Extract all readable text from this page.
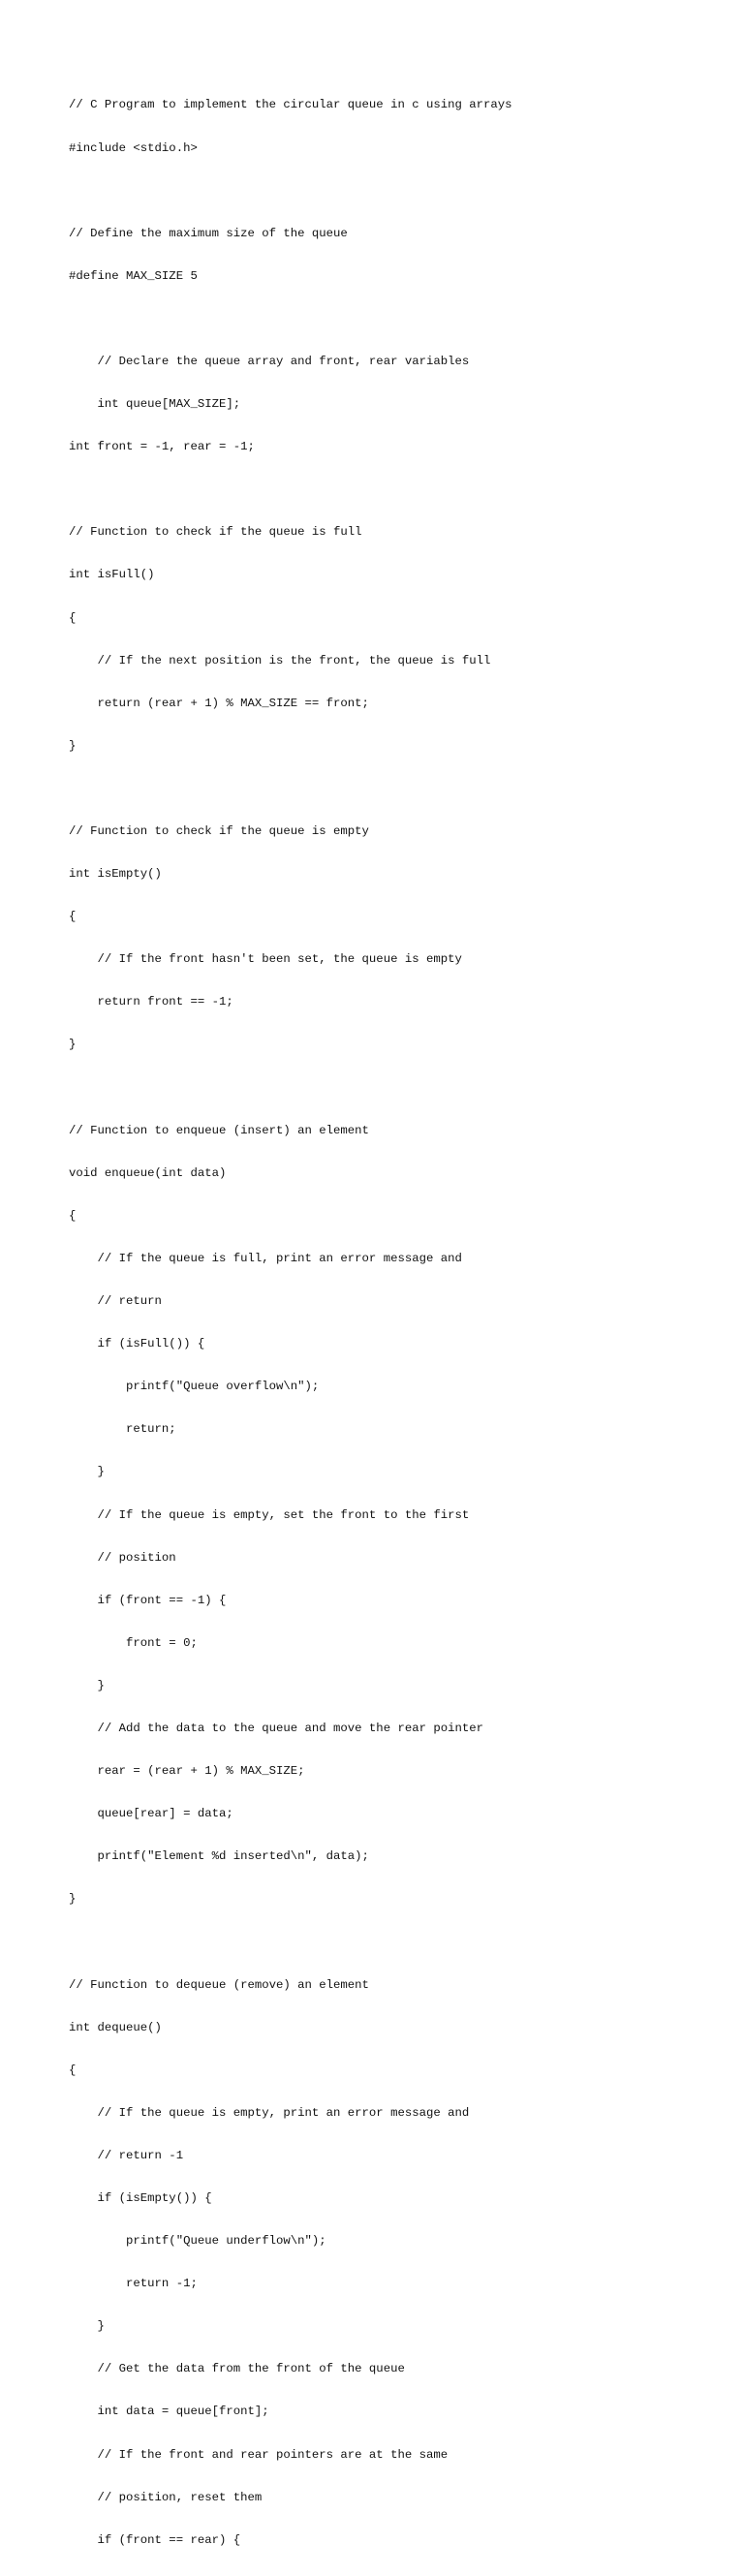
// C Program to implement the circular queue in c using arrays

#include <stdio.h>

// Define the maximum size of the queue

#define MAX_SIZE 5

// Declare the queue array and front, rear variables

int queue[MAX_SIZE];

int front = -1, rear = -1;

// Function to check if the queue is full

int isFull()

{

// If the next position is the front, the queue is full

return (rear + 1) % MAX_SIZE == front;

}

// Function to check if the queue is empty

int isEmpty()

{

// If the front hasn't been set, the queue is empty

return front == -1;

}

// Function to enqueue (insert) an element

void enqueue(int data)

{

// If the queue is full, print an error message and

// return

if (isFull()) {

printf("Queue overflow\n");

return;

}

// If the queue is empty, set the front to the first

// position

if (front == -1) {

front = 0;

}

// Add the data to the queue and move the rear pointer

rear = (rear + 1) % MAX_SIZE;

queue[rear] = data;

printf("Element %d inserted\n", data);

}

// Function to dequeue (remove) an element

int dequeue()

{

// If the queue is empty, print an error message and

// return -1

if (isEmpty()) {

printf("Queue underflow\n");

return -1;

}

// Get the data from the front of the queue

int data = queue[front];

// If the front and rear pointers are at the same

// position, reset them

if (front == rear) {
